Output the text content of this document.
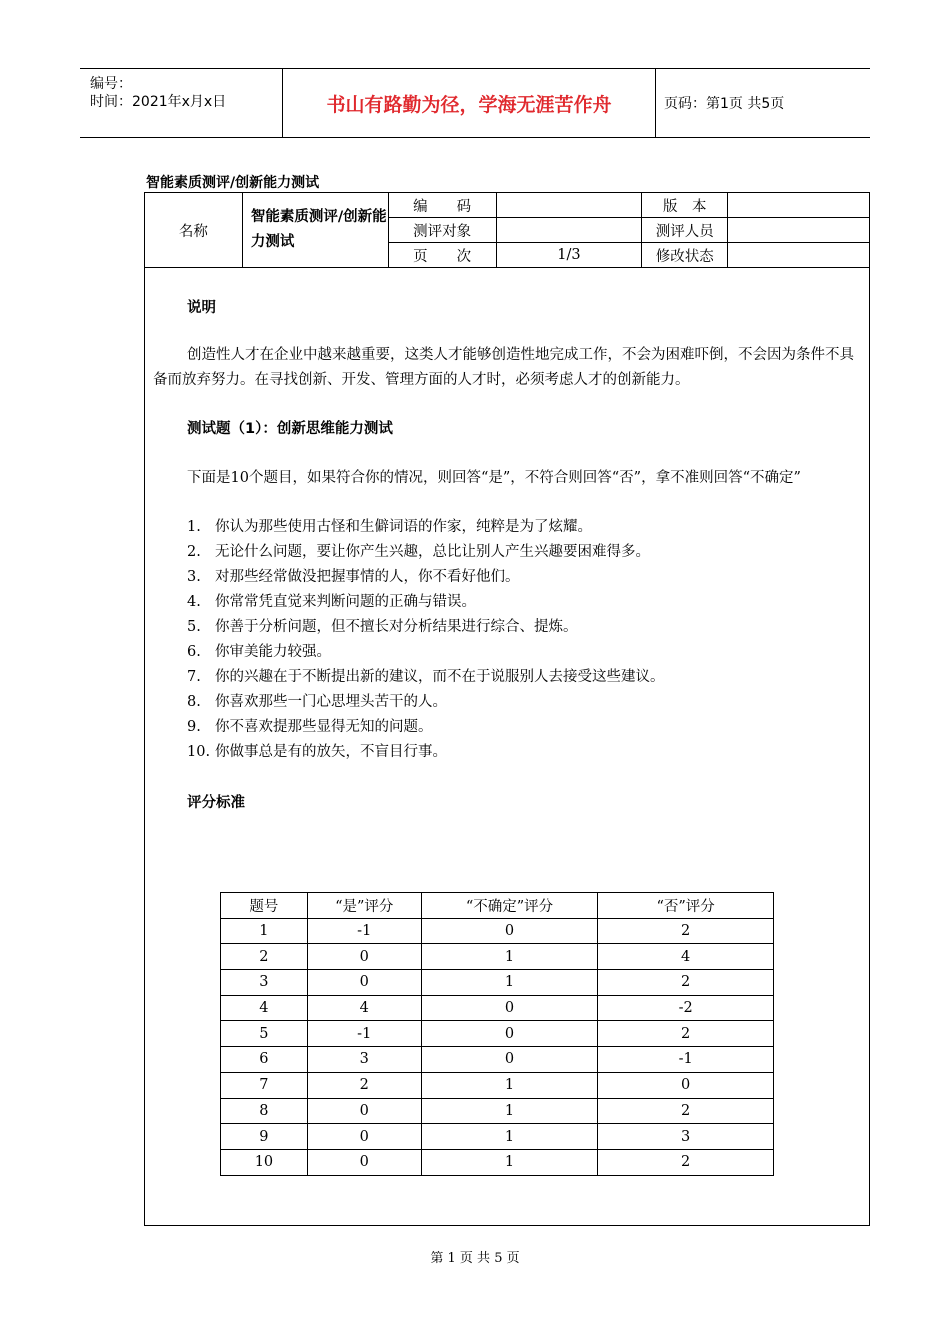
编号：
时间：2021年x月x日	书山有路勤为径，学海无涯苦作舟	页码：第1页 共5页
智能素质测评/创新能力测试
名称	智能素质测评/创新能力测试	编　　码		版　本	
		测评对象		测评人员	
		页　　次	1/3	修改状态	
说明

创造性人才在企业中越来越重要，这类人才能够创造性地完成工作，不会为困难吓倒，不会因为条件不具备而放弃努力。在寻找创新、开发、管理方面的人才时，必须考虑人才的创新能力。

测试题（1）：创新思维能力测试

下面是10个题目，如果符合你的情况，则回答“是”，不符合则回答“否”，拿不准则回答“不确定”

1. 你认为那些使用古怪和生僻词语的作家，纯粹是为了炫耀。
2. 无论什么问题，要让你产生兴趣，总比让别人产生兴趣要困难得多。
3. 对那些经常做没把握事情的人，你不看好他们。
4. 你常常凭直觉来判断问题的正确与错误。
5. 你善于分析问题，但不擅长对分析结果进行综合、提炼。
6. 你审美能力较强。
7. 你的兴趣在于不断提出新的建议，而不在于说服别人去接受这些建议。
8. 你喜欢那些一门心思埋头苦干的人。
9. 你不喜欢提那些显得无知的问题。
10. 你做事总是有的放矢，不盲目行事。
评分标准
题号	“是”评分	“不确定”评分	“否”评分
1	-1	0	2
2	0	1	4
3	0	1	2
4	4	0	-2
5	-1	0	2
6	3	0	-1
7	2	1	0
8	0	1	2
9	0	1	3
10	0	1	2
第 1 页 共 5 页
